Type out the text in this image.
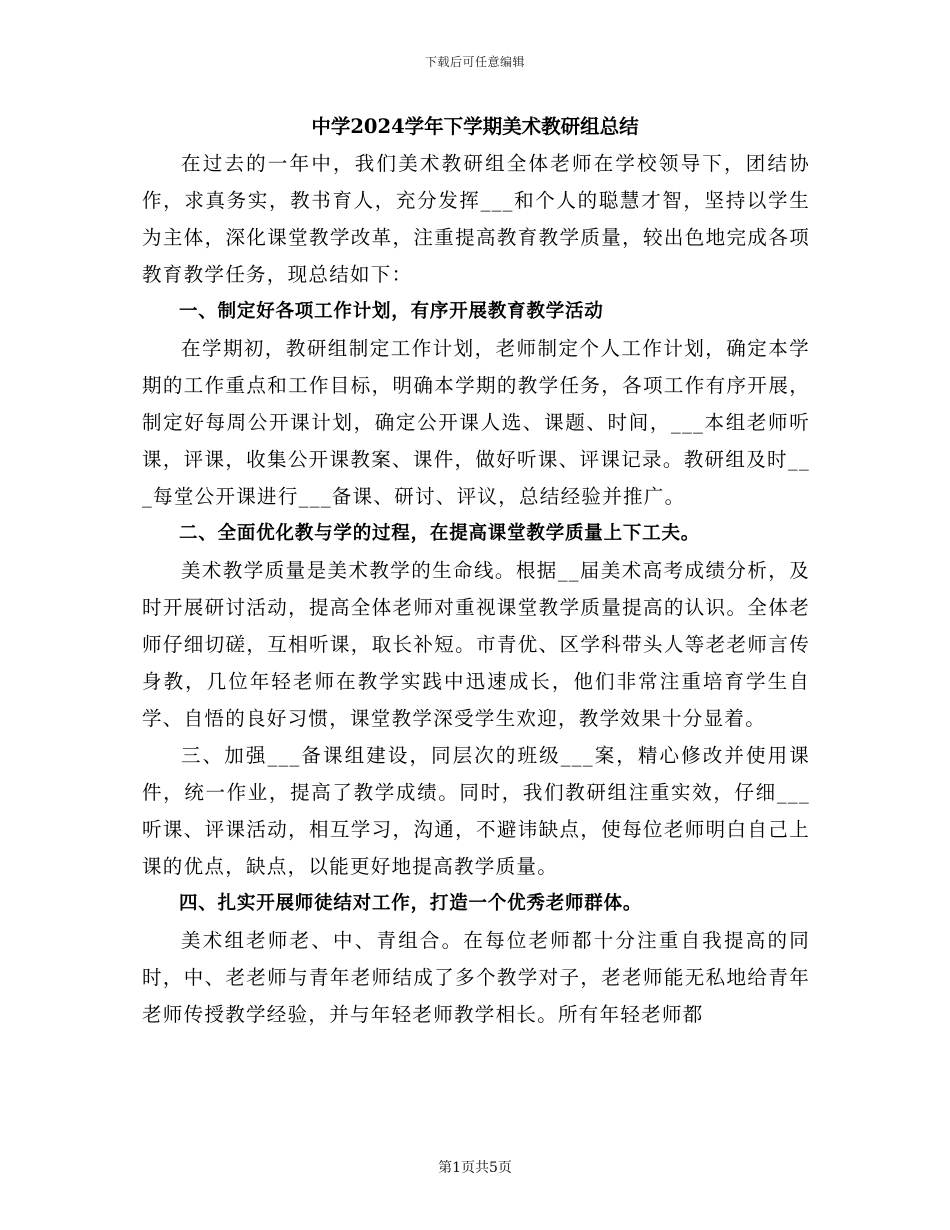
下载后可任意编辑
中学2024学年下学期美术教研组总结

在过去的一年中，我们美术教研组全体老师在学校领导下，团结协作，求真务实，教书育人，充分发挥___和个人的聪慧才智，坚持以学生为主体，深化课堂教学改革，注重提高教育教学质量，较出色地完成各项教育教学任务，现总结如下：

一、制定好各项工作计划，有序开展教育教学活动

在学期初，教研组制定工作计划，老师制定个人工作计划，确定本学期的工作重点和工作目标，明确本学期的教学任务，各项工作有序开展，制定好每周公开课计划，确定公开课人选、课题、时间，___本组老师听课，评课，收集公开课教案、课件，做好听课、评课记录。教研组及时___每堂公开课进行___备课、研讨、评议，总结经验并推广。

二、全面优化教与学的过程，在提高课堂教学质量上下工夫。

美术教学质量是美术教学的生命线。根据__届美术高考成绩分析，及时开展研讨活动，提高全体老师对重视课堂教学质量提高的认识。全体老师仔细切磋，互相听课，取长补短。市青优、区学科带头人等老老师言传身教，几位年轻老师在教学实践中迅速成长，他们非常注重培育学生自学、自悟的良好习惯，课堂教学深受学生欢迎，教学效果十分显着。

三、加强___备课组建设，同层次的班级___案，精心修改并使用课件，统一作业，提高了教学成绩。同时，我们教研组注重实效，仔细___听课、评课活动，相互学习，沟通，不避讳缺点，使每位老师明白自己上课的优点，缺点，以能更好地提高教学质量。

四、扎实开展师徒结对工作，打造一个优秀老师群体。

美术组老师老、中、青组合。在每位老师都十分注重自我提高的同时，中、老老师与青年老师结成了多个教学对子，老老师能无私地给青年老师传授教学经验，并与年轻老师教学相长。所有年轻老师都

第1页共5页
